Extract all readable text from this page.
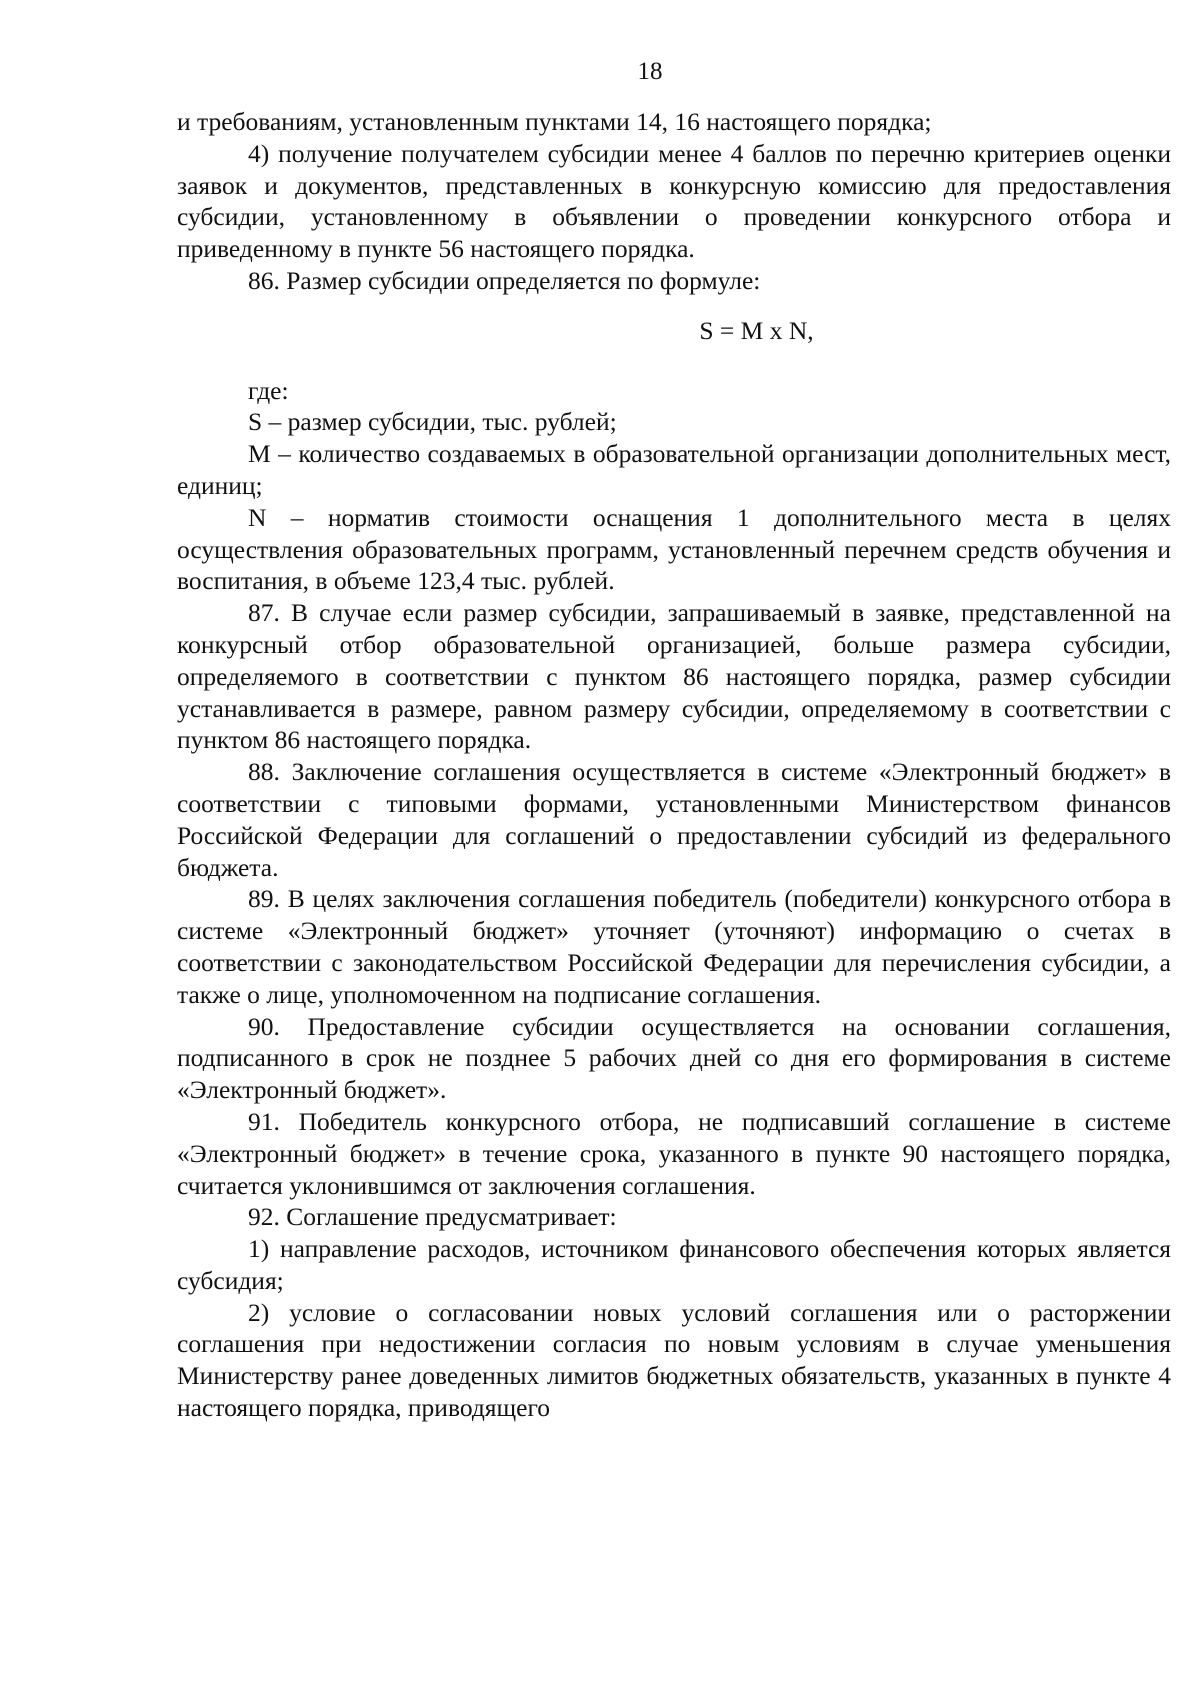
18

и требованиям, установленным пунктами 14, 16 настоящего порядка;

4) получение получателем субсидии менее 4 баллов по перечню критериев оценки заявок и документов, представленных в конкурсную комиссию для предоставления субсидии, установленному в объявлении о проведении конкурсного отбора и приведенному в пункте 56 настоящего порядка.

86. Размер субсидии определяется по формуле:

S = M x N,

где:

S – размер субсидии, тыс. рублей;

М – количество создаваемых в образовательной организации дополнительных мест, единиц;

N – норматив стоимости оснащения 1 дополнительного места в целях осуществления образовательных программ, установленный перечнем средств обучения и воспитания, в объеме 123,4 тыс. рублей.

87. В случае если размер субсидии, запрашиваемый в заявке, представленной на конкурсный отбор образовательной организацией, больше размера субсидии, определяемого в соответствии с пунктом 86 настоящего порядка, размер субсидии устанавливается в размере, равном размеру субсидии, определяемому в соответствии с пунктом 86 настоящего порядка.

88. Заключение соглашения осуществляется в системе «Электронный бюджет» в соответствии с типовыми формами, установленными Министерством финансов Российской Федерации для соглашений о предоставлении субсидий из федерального бюджета.

89. В целях заключения соглашения победитель (победители) конкурсного отбора в системе «Электронный бюджет» уточняет (уточняют) информацию о счетах в соответствии с законодательством Российской Федерации для перечисления субсидии, а также о лице, уполномоченном на подписание соглашения.

90. Предоставление субсидии осуществляется на основании соглашения, подписанного в срок не позднее 5 рабочих дней со дня его формирования в системе «Электронный бюджет».

91. Победитель конкурсного отбора, не подписавший соглашение в системе «Электронный бюджет» в течение срока, указанного в пункте 90 настоящего порядка, считается уклонившимся от заключения соглашения.

92. Соглашение предусматривает:

1) направление расходов, источником финансового обеспечения которых является субсидия;

2) условие о согласовании новых условий соглашения или о расторжении соглашения при недостижении согласия по новым условиям в случае уменьшения Министерству ранее доведенных лимитов бюджетных обязательств, указанных в пункте 4 настоящего порядка, приводящего
